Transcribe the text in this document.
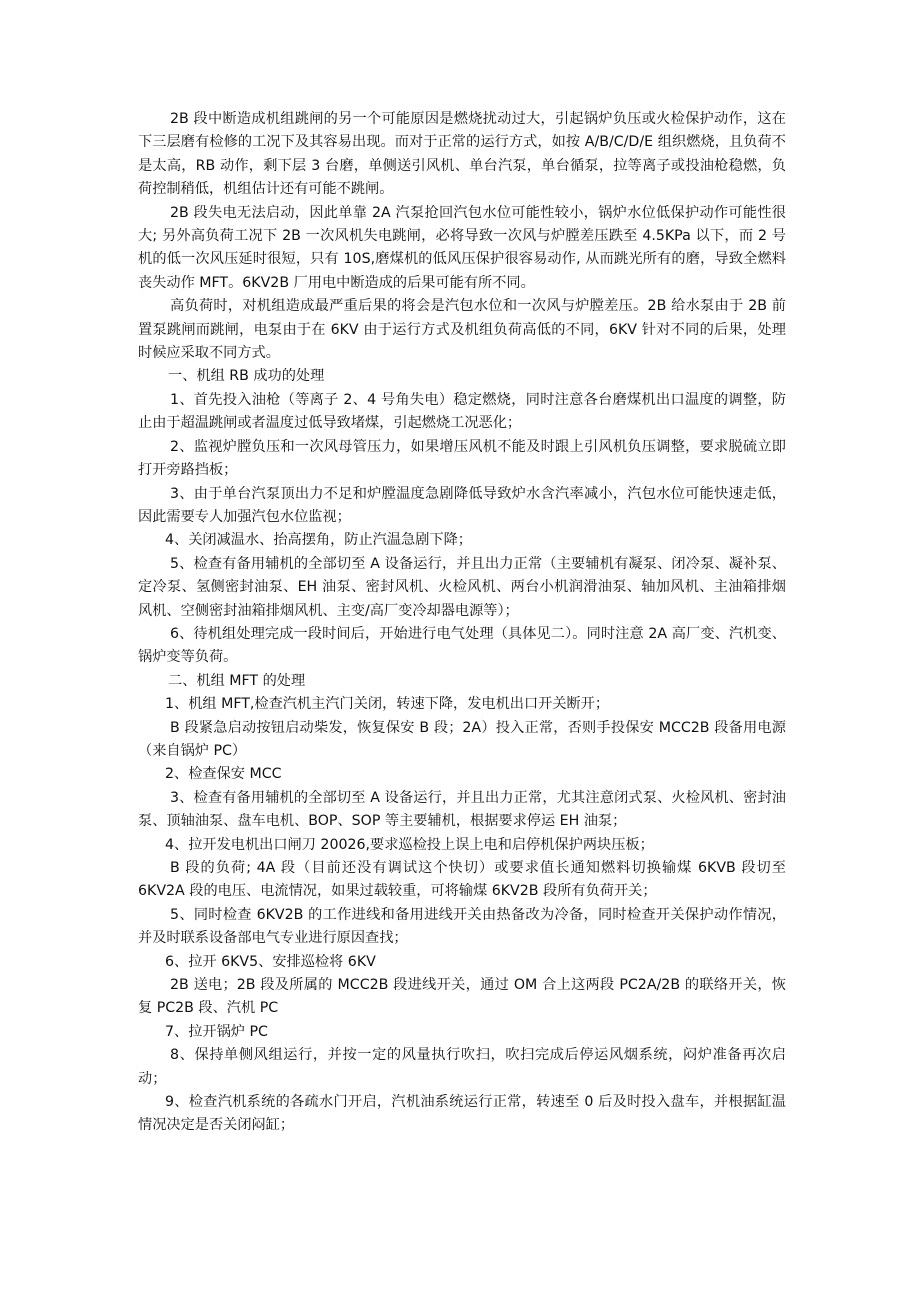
2B 段中断造成机组跳闸的另一个可能原因是燃烧扰动过大，引起锅炉负压或火检保护动作，这在下三层磨有检修的工况下及其容易出现。而对于正常的运行方式，如按 A/B/C/D/E 组织燃烧，且负荷不是太高，RB 动作，剩下层 3 台磨，单侧送引风机、单台汽泵，单台循泵，拉等离子或投油枪稳燃，负荷控制稍低，机组估计还有可能不跳闸。

2B 段失电无法启动，因此单靠 2A 汽泵抢回汽包水位可能性较小，锅炉水位低保护动作可能性很大; 另外高负荷工况下 2B 一次风机失电跳闸，必将导致一次风与炉膛差压跌至 4.5KPa 以下，而 2 号机的低一次风压延时很短，只有 10S,磨煤机的低风压保护很容易动作, 从而跳光所有的磨，导致全燃料丧失动作 MFT。6KV2B 厂用电中断造成的后果可能有所不同。

高负荷时，对机组造成最严重后果的将会是汽包水位和一次风与炉膛差压。2B 给水泵由于 2B 前置泵跳闸而跳闸，电泵由于在 6KV 由于运行方式及机组负荷高低的不同，6KV 针对不同的后果，处理时候应采取不同方式。

一、机组 RB 成功的处理

1、首先投入油枪（等离子 2、4 号角失电）稳定燃烧，同时注意各台磨煤机出口温度的调整，防止由于超温跳闸或者温度过低导致堵煤，引起燃烧工况恶化；

2、监视炉膛负压和一次风母管压力，如果增压风机不能及时跟上引风机负压调整，要求脱硫立即打开旁路挡板；

3、由于单台汽泵顶出力不足和炉膛温度急剧降低导致炉水含汽率减小，汽包水位可能快速走低，因此需要专人加强汽包水位监视；

4、关闭减温水、抬高摆角，防止汽温急剧下降；

5、检查有备用辅机的全部切至 A 设备运行，并且出力正常（主要辅机有凝泵、闭冷泵、凝补泵、定冷泵、氢侧密封油泵、EH 油泵、密封风机、火检风机、两台小机润滑油泵、轴加风机、主油箱排烟风机、空侧密封油箱排烟风机、主变/高厂变冷却器电源等）；

6、待机组处理完成一段时间后，开始进行电气处理（具体见二）。同时注意 2A 高厂变、汽机变、锅炉变等负荷。

二、机组 MFT 的处理

1、机组 MFT,检查汽机主汽门关闭，转速下降，发电机出口开关断开；

B 段紧急启动按钮启动柴发，恢复保安 B 段；2A）投入正常，否则手投保安 MCC2B 段备用电源（来自锅炉 PC）

2、检查保安 MCC

3、检查有备用辅机的全部切至 A 设备运行，并且出力正常，尤其注意闭式泵、火检风机、密封油泵、顶轴油泵、盘车电机、BOP、SOP 等主要辅机，根据要求停运 EH 油泵；

4、拉开发电机出口闸刀 20026,要求巡检投上误上电和启停机保护两块压板；

B 段的负荷; 4A 段（目前还没有调试这个快切）或要求值长通知燃料切换输煤 6KVB 段切至 6KV2A 段的电压、电流情况，如果过载较重，可将输煤 6KV2B 段所有负荷开关；

5、同时检查 6KV2B 的工作进线和备用进线开关由热备改为冷备，同时检查开关保护动作情况，并及时联系设备部电气专业进行原因查找；

6、拉开 6KV5、安排巡检将 6KV

2B 送电；2B 段及所属的 MCC2B 段进线开关，通过 OM 合上这两段 PC2A/2B 的联络开关，恢复 PC2B 段、汽机 PC

7、拉开锅炉 PC

8、保持单侧风组运行，并按一定的风量执行吹扫，吹扫完成后停运风烟系统，闷炉准备再次启动；

9、检查汽机系统的各疏水门开启，汽机油系统运行正常，转速至 0 后及时投入盘车，并根据缸温情况决定是否关闭闷缸；
